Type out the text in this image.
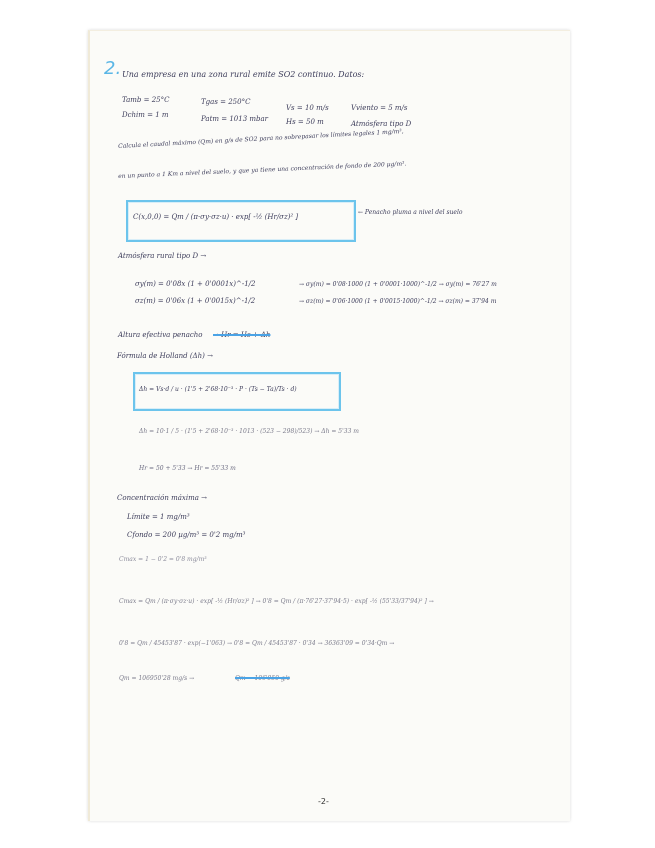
2. Una empresa en una zona rural emite SO2 continuo. Datos:
Tamb = 25°C	Tgas = 250°C
Vs = 10 m/s	Vviento = 5 m/s
Dchim = 1 m	Patm = 1013 mbar	Hs = 50 m	Atmósfera tipo D
Calcula el caudal máximo (Qm) en g/s de SO2 para no sobrepasar los límites legales 1 mg/m³,
en un punto a 1 Km a nivel del suelo, y que ya tiene una concentración de fondo de 200 µg/m³.
C(x,0,0) = Qm / (π·σy·σz·u) · exp[ -½ (Hr/σz)² ]
← Penacho pluma a nivel del suelo
Atmósfera rural tipo D →
σy(m) = 0'08x (1 + 0'0001x)^-1/2
σz(m) = 0'06x (1 + 0'0015x)^-1/2
→ σy(m) = 0'08·1000 (1 + 0'0001·1000)^-1/2 → σy(m) = 76'27 m
→ σz(m) = 0'06·1000 (1 + 0'0015·1000)^-1/2 → σz(m) = 37'94 m
Altura efectiva penacho → Hr = Hs + Δh
Fórmula de Holland (Δh) →
Δh = Vs·d / u · (1'5 + 2'68·10⁻³ · P · (Ts − Ta)/Ts · d)
Δh = 10·1 / 5 · (1'5 + 2'68·10⁻³ · 1013 · (523 − 298)/523) → Δh = 5'33 m
Hr = 50 + 5'33 → Hr = 55'33 m
Concentración máxima →
Límite = 1 mg/m³
Cfondo = 200 µg/m³ = 0'2 mg/m³
Cmax = 1 − 0'2 = 0'8 mg/m³
Cmax = Qm / (π·σy·σz·u) · exp[ -½ (Hr/σz)² ] → 0'8 = Qm / (π·76'27·37'94·5) · exp[ -½ (55'33/37'94)² ] →
0'8 = Qm / 45453'87 · exp(−1'063) → 0'8 = Qm / 45453'87 · 0'34 → 36363'09 = 0'34·Qm →
Qm = 106950'28 mg/s →	Qm = 106'950 g/s
-2-
